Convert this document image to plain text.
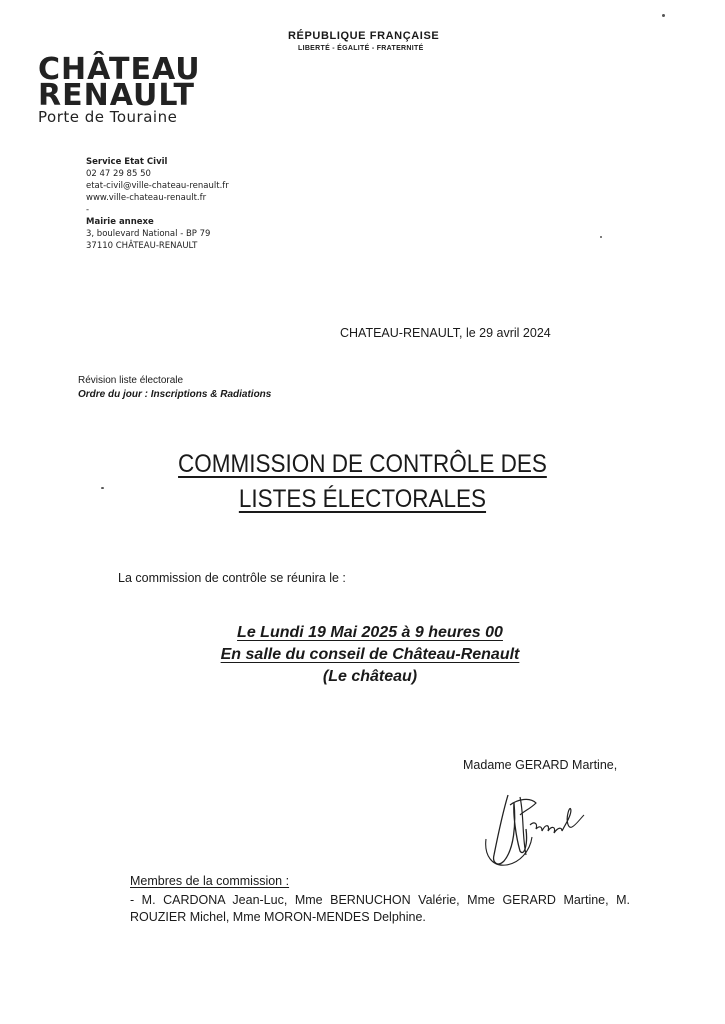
RÉPUBLIQUE FRANÇAISE
LIBERTÉ - ÉGALITÉ - FRATERNITÉ
CHÂTEAU
RENAULT
Porte de Touraine
Service Etat Civil
02 47 29 85 50
etat-civil@ville-chateau-renault.fr
www.ville-chateau-renault.fr
-
Mairie annexe
3, boulevard National - BP 79
37110 CHÂTEAU-RENAULT
CHATEAU-RENAULT, le 29 avril 2024
Révision liste électorale
Ordre du jour : Inscriptions & Radiations
COMMISSION DE CONTRÔLE DES
LISTES ÉLECTORALES
La commission de contrôle se réunira le :
Le Lundi 19 Mai 2025 à 9 heures 00
En salle du conseil de Château-Renault
(Le château)
Madame GERARD Martine,
Membres de la commission :
- M. CARDONA Jean-Luc, Mme BERNUCHON Valérie, Mme GERARD Martine, M. ROUZIER Michel, Mme MORON-MENDES Delphine.
